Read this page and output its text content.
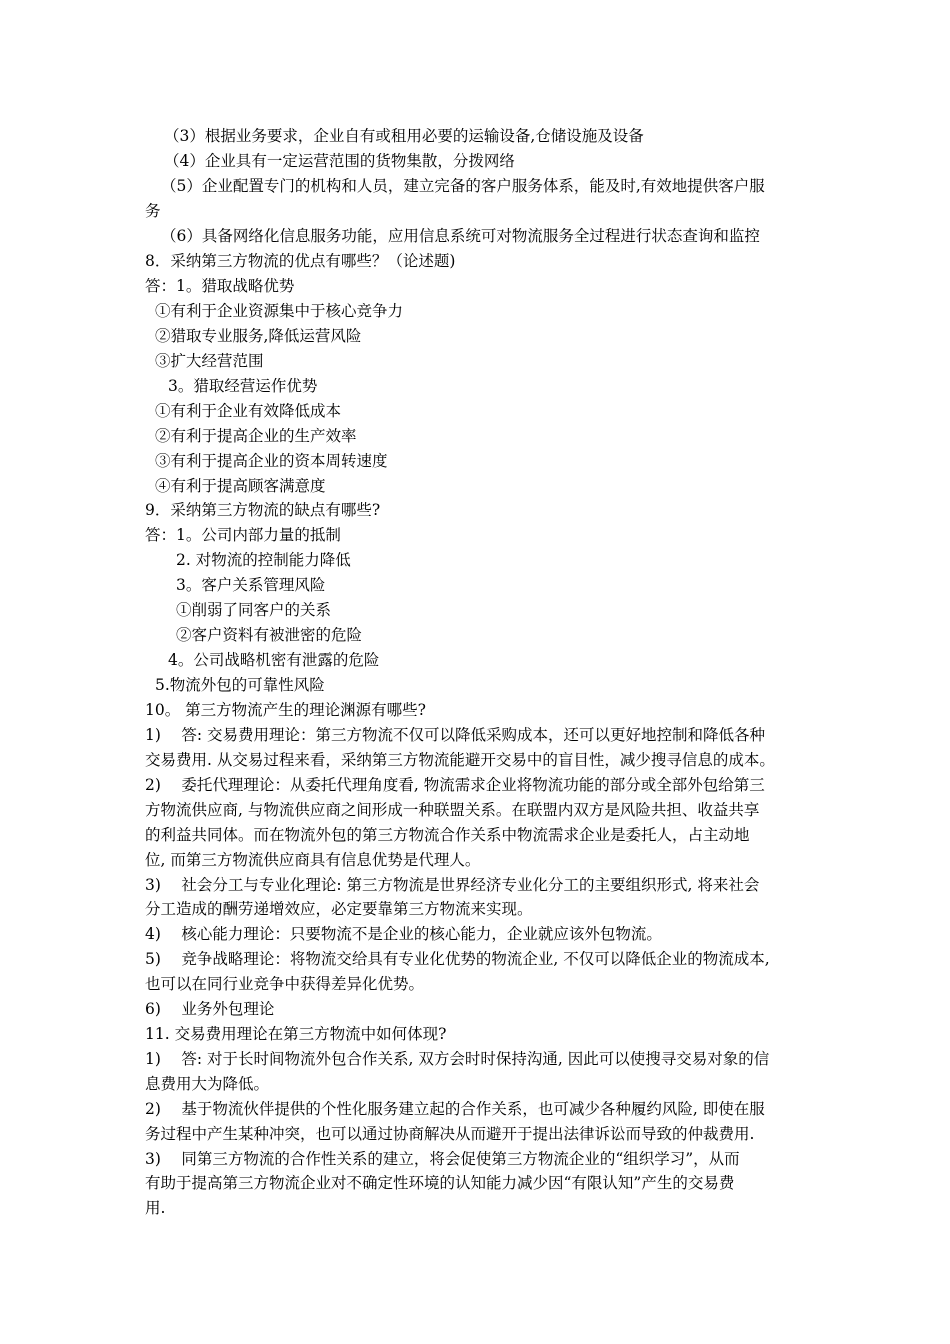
（3）根据业务要求，企业自有或租用必要的运输设备,仓储设施及设备
（4）企业具有一定运营范围的货物集散，分拨网络
（5）企业配置专门的机构和人员，建立完备的客户服务体系，能及时,有效地提供客户服
务
（6）具备网络化信息服务功能，应用信息系统可对物流服务全过程进行状态查询和监控
8．采纳第三方物流的优点有哪些？（论述题)
答：1。猎取战略优势
①有利于企业资源集中于核心竞争力
②猎取专业服务,降低运营风险
③扩大经营范围
3。猎取经营运作优势
①有利于企业有效降低成本
②有利于提高企业的生产效率
③有利于提高企业的资本周转速度
④有利于提高顾客满意度
9．采纳第三方物流的缺点有哪些?
答：1。公司内部力量的抵制
2. 对物流的控制能力降低
3。客户关系管理风险
①削弱了同客户的关系
②客户资料有被泄密的危险
4。公司战略机密有泄露的危险
5.物流外包的可靠性风险
10。 第三方物流产生的理论渊源有哪些?
1)　 答: 交易费用理论：第三方物流不仅可以降低采购成本，还可以更好地控制和降低各种
交易费用. 从交易过程来看，采纳第三方物流能避开交易中的盲目性，减少搜寻信息的成本。
2)　 委托代理理论：从委托代理角度看, 物流需求企业将物流功能的部分或全部外包给第三
方物流供应商, 与物流供应商之间形成一种联盟关系。在联盟内双方是风险共担、收益共享
的利益共同体。而在物流外包的第三方物流合作关系中物流需求企业是委托人，占主动地
位, 而第三方物流供应商具有信息优势是代理人。
3)　 社会分工与专业化理论: 第三方物流是世界经济专业化分工的主要组织形式, 将来社会
分工造成的酬劳递增效应，必定要靠第三方物流来实现。
4)　 核心能力理论：只要物流不是企业的核心能力，企业就应该外包物流。
5)　 竞争战略理论：将物流交给具有专业化优势的物流企业, 不仅可以降低企业的物流成本,
也可以在同行业竞争中获得差异化优势。
6)　 业务外包理论
11. 交易费用理论在第三方物流中如何体现?
1)　 答: 对于长时间物流外包合作关系, 双方会时时保持沟通, 因此可以使搜寻交易对象的信
息费用大为降低。
2)　 基于物流伙伴提供的个性化服务建立起的合作关系，也可减少各种履约风险, 即使在服
务过程中产生某种冲突，也可以通过协商解决从而避开于提出法律诉讼而导致的仲裁费用.
3)　 同第三方物流的合作性关系的建立，将会促使第三方物流企业的“组织学习”，从而
有助于提高第三方物流企业对不确定性环境的认知能力减少因“有限认知”产生的交易费
用.
